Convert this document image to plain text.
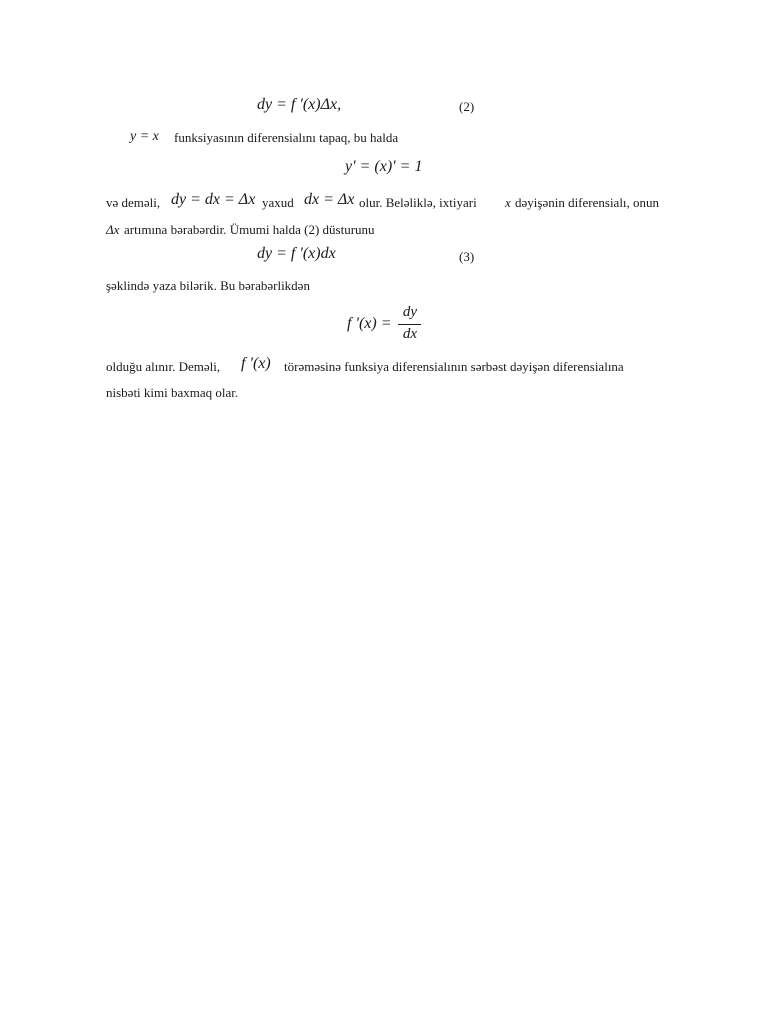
dy = f ′(x)Δx,	(2)
y = x funksiyasının diferensialını tapaq, bu halda
y′ = (x)′ = 1
və deməli, dy = dx = Δx yaxud dx = Δx olur. Beləliklə, ixtiyari x dəyişənin diferensialı, onun
Δx artımına bərabərdir. Ümumi halda (2) düsturunu
dy = f ′(x)dx	(3)
şəklində yaza bilərik. Bu bərabərlikdən
f ′(x) =
dy
dx
olduğu alınır. Deməli, f ′(x) törəməsinə funksiya diferensialının sərbəst dəyişən diferensialına
nisbəti kimi baxmaq olar.
